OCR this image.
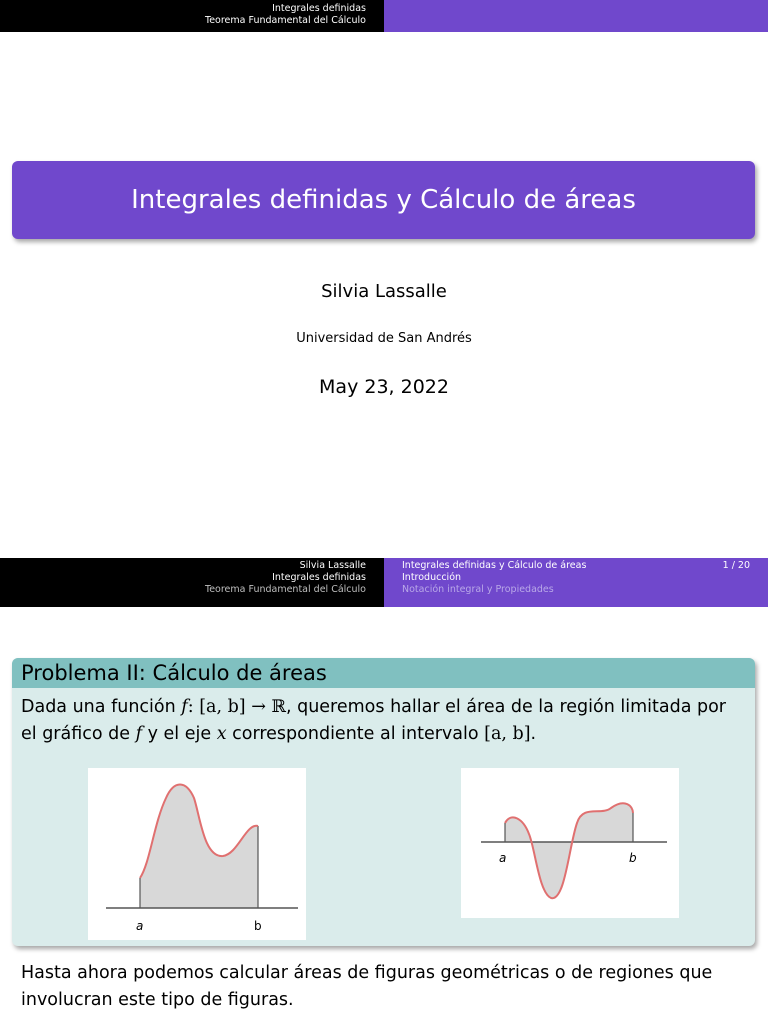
Integrales definidas
Teorema Fundamental del Cálculo
Integrales definidas y Cálculo de áreas
Silvia Lassalle
Universidad de San Andrés
May 23, 2022
Silvia Lassalle
Integrales definidas
Teorema Fundamental del Cálculo
Integrales definidas y Cálculo de áreas
Introducción
Notación integral y Propiedades
1 / 20
Problema II: Cálculo de áreas
Dada una función f: [a, b] → ℝ, queremos hallar el área de la región limitada por
el gráfico de f y el eje x correspondiente al intervalo [a, b].
a	b
a	b
Hasta ahora podemos calcular áreas de figuras geométricas o de regiones que involucran este tipo de figuras.
